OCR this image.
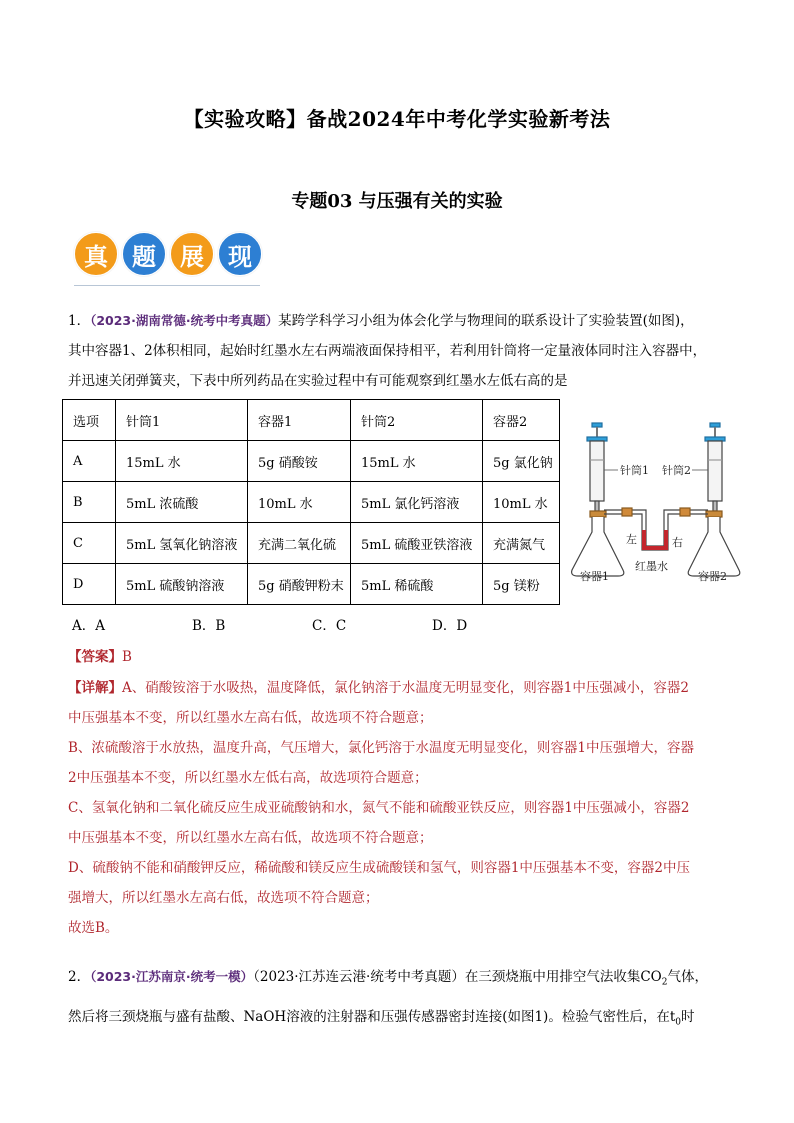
【实验攻略】备战2024年中考化学实验新考法
专题03 与压强有关的实验
真	题	展	现
1．（2023·湖南常德·统考中考真题）某跨学科学习小组为体会化学与物理间的联系设计了实验装置(如图)，
其中容器1、2体积相同，起始时红墨水左右两端液面保持相平，若利用针筒将一定量液体同时注入容器中，
并迅速关闭弹簧夹，下表中所列药品在实验过程中有可能观察到红墨水左低右高的是
选项	针筒1	容器1	针筒2	容器2
A	15mL 水	5g 硝酸铵	15mL 水	5g 氯化钠
B	5mL 浓硫酸	10mL 水	5mL 氯化钙溶液	10mL 水
C	5mL 氢氧化钠溶液	充满二氧化硫	5mL 硫酸亚铁溶液	充满氮气
D	5mL 硫酸钠溶液	5g 硝酸钾粉末	5mL 稀硫酸	5g 镁粉
针筒1 针筒2
左	右
红墨水
容器1	容器2
A．A	B．B	C．C	D．D
【答案】B
【详解】A、硝酸铵溶于水吸热，温度降低，氯化钠溶于水温度无明显变化，则容器1中压强减小，容器2
中压强基本不变，所以红墨水左高右低，故选项不符合题意；
B、浓硫酸溶于水放热，温度升高，气压增大，氯化钙溶于水温度无明显变化，则容器1中压强增大，容器
2中压强基本不变，所以红墨水左低右高，故选项符合题意；
C、氢氧化钠和二氧化硫反应生成亚硫酸钠和水，氮气不能和硫酸亚铁反应，则容器1中压强减小，容器2
中压强基本不变，所以红墨水左高右低，故选项不符合题意；
D、硫酸钠不能和硝酸钾反应，稀硫酸和镁反应生成硫酸镁和氢气，则容器1中压强基本不变，容器2中压
强增大，所以红墨水左高右低，故选项不符合题意；
故选B。
2．（2023·江苏南京·统考一模）（2023·江苏连云港·统考中考真题）在三颈烧瓶中用排空气法收集$CO_2$气体，
然后将三颈烧瓶与盛有盐酸、NaOH溶液的注射器和压强传感器密封连接(如图1)。检验气密性后，在$t_0$时
